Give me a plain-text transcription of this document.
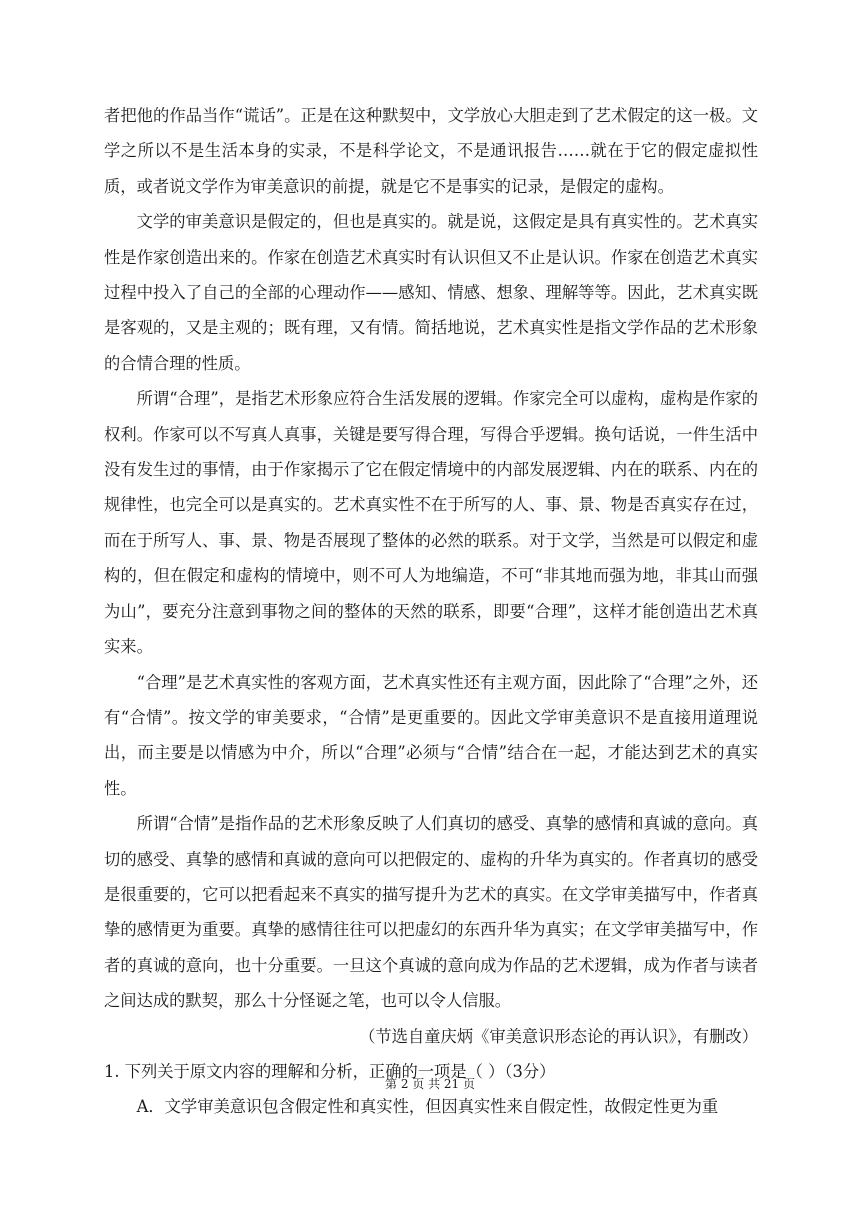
者把他的作品当作“谎话”。正是在这种默契中，文学放心大胆走到了艺术假定的这一极。文学之所以不是生活本身的实录，不是科学论文，不是通讯报告……就在于它的假定虚拟性质，或者说文学作为审美意识的前提，就是它不是事实的记录，是假定的虚构。

文学的审美意识是假定的，但也是真实的。就是说，这假定是具有真实性的。艺术真实性是作家创造出来的。作家在创造艺术真实时有认识但又不止是认识。作家在创造艺术真实过程中投入了自己的全部的心理动作——感知、情感、想象、理解等等。因此，艺术真实既是客观的，又是主观的；既有理，又有情。简括地说，艺术真实性是指文学作品的艺术形象的合情合理的性质。

所谓“合理”，是指艺术形象应符合生活发展的逻辑。作家完全可以虚构，虚构是作家的权利。作家可以不写真人真事，关键是要写得合理，写得合乎逻辑。换句话说，一件生活中没有发生过的事情，由于作家揭示了它在假定情境中的内部发展逻辑、内在的联系、内在的规律性，也完全可以是真实的。艺术真实性不在于所写的人、事、景、物是否真实存在过，而在于所写人、事、景、物是否展现了整体的必然的联系。对于文学，当然是可以假定和虚构的，但在假定和虚构的情境中，则不可人为地编造，不可“非其地而强为地，非其山而强为山”，要充分注意到事物之间的整体的天然的联系，即要“合理”，这样才能创造出艺术真实来。

“合理”是艺术真实性的客观方面，艺术真实性还有主观方面，因此除了“合理”之外，还有“合情”。按文学的审美要求，“合情”是更重要的。因此文学审美意识不是直接用道理说出，而主要是以情感为中介，所以“合理”必须与“合情”结合在一起，才能达到艺术的真实性。

所谓“合情”是指作品的艺术形象反映了人们真切的感受、真挚的感情和真诚的意向。真切的感受、真挚的感情和真诚的意向可以把假定的、虚构的升华为真实的。作者真切的感受是很重要的，它可以把看起来不真实的描写提升为艺术的真实。在文学审美描写中，作者真挚的感情更为重要。真挚的感情往往可以把虚幻的东西升华为真实；在文学审美描写中，作者的真诚的意向，也十分重要。一旦这个真诚的意向成为作品的艺术逻辑，成为作者与读者之间达成的默契，那么十分怪诞之笔，也可以令人信服。

（节选自童庆炳《审美意识形态论的再认识》，有删改）

1. 下列关于原文内容的理解和分析，正确的一项是（ ）（3分）

A．文学审美意识包含假定性和真实性，但因真实性来自假定性，故假定性更为重

第 2 页 共 21 页
